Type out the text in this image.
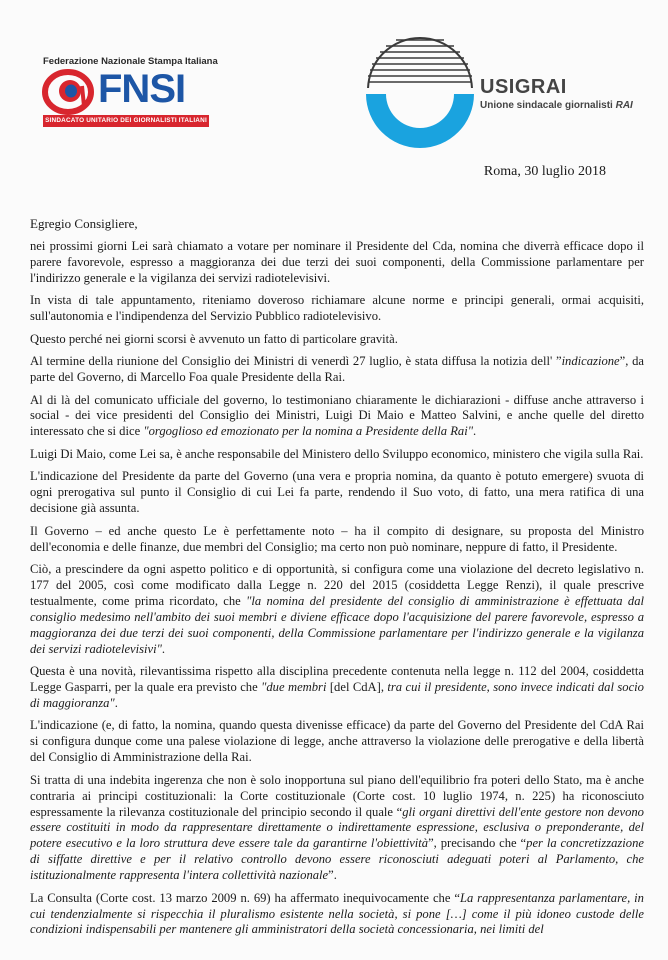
Federazione Nazionale Stampa Italiana
FNSI
SINDACATO UNITARIO DEI GIORNALISTI ITALIANI
USIGRAI
Unione sindacale giornalisti RAI
Roma, 30 luglio 2018

Egregio Consigliere,

nei prossimi giorni Lei sarà chiamato a votare per nominare il Presidente del Cda, nomina che diverrà efficace dopo il parere favorevole, espresso a maggioranza dei due terzi dei suoi componenti, della Commissione parlamentare per l'indirizzo generale e la vigilanza dei servizi radiotelevisivi.

In vista di tale appuntamento, riteniamo doveroso richiamare alcune norme e principi generali, ormai acquisiti, sull'autonomia e l'indipendenza del Servizio Pubblico radiotelevisivo.

Questo perché nei giorni scorsi è avvenuto un fatto di particolare gravità.

Al termine della riunione del Consiglio dei Ministri di venerdì 27 luglio, è stata diffusa la notizia dell' ”indicazione”, da parte del Governo, di Marcello Foa quale Presidente della Rai.

Al di là del comunicato ufficiale del governo, lo testimoniano chiaramente le dichiarazioni - diffuse anche attraverso i social - dei vice presidenti del Consiglio dei Ministri, Luigi Di Maio e Matteo Salvini, e anche quelle del diretto interessato che si dice "orgoglioso ed emozionato per la nomina a Presidente della Rai".

Luigi Di Maio, come Lei sa, è anche responsabile del Ministero dello Sviluppo economico, ministero che vigila sulla Rai.

L'indicazione del Presidente da parte del Governo (una vera e propria nomina, da quanto è potuto emergere) svuota di ogni prerogativa sul punto il Consiglio di cui Lei fa parte, rendendo il Suo voto, di fatto, una mera ratifica di una decisione già assunta.

Il Governo – ed anche questo Le è perfettamente noto – ha il compito di designare, su proposta del Ministro dell'economia e delle finanze, due membri del Consiglio; ma certo non può nominare, neppure di fatto, il Presidente.

Ciò, a prescindere da ogni aspetto politico e di opportunità, si configura come una violazione del decreto legislativo n. 177 del 2005, così come modificato dalla Legge n. 220 del 2015 (cosiddetta Legge Renzi), il quale prescrive testualmente, come prima ricordato, che "la nomina del presidente del consiglio di amministrazione è effettuata dal consiglio medesimo nell'ambito dei suoi membri e diviene efficace dopo l'acquisizione del parere favorevole, espresso a maggioranza dei due terzi dei suoi componenti, della Commissione parlamentare per l'indirizzo generale e la vigilanza dei servizi radiotelevisivi".

Questa è una novità, rilevantissima rispetto alla disciplina precedente contenuta nella legge n. 112 del 2004, cosiddetta Legge Gasparri, per la quale era previsto che "due membri [del CdA], tra cui il presidente, sono invece indicati dal socio di maggioranza".

L'indicazione (e, di fatto, la nomina, quando questa divenisse efficace) da parte del Governo del Presidente del CdA Rai si configura dunque come una palese violazione di legge, anche attraverso la violazione delle prerogative e della libertà del Consiglio di Amministrazione della Rai.

Si tratta di una indebita ingerenza che non è solo inopportuna sul piano dell'equilibrio fra poteri dello Stato, ma è anche contraria ai principi costituzionali: la Corte costituzionale (Corte cost. 10 luglio 1974, n. 225) ha riconosciuto espressamente la rilevanza costituzionale del principio secondo il quale “gli organi direttivi dell'ente gestore non devono essere costituiti in modo da rappresentare direttamente o indirettamente espressione, esclusiva o preponderante, del potere esecutivo e la loro struttura deve essere tale da garantirne l'obiettività”, precisando che “per la concretizzazione di siffatte direttive e per il relativo controllo devono essere riconosciuti adeguati poteri al Parlamento, che istituzionalmente rappresenta l'intera collettività nazionale”.

La Consulta (Corte cost. 13 marzo 2009 n. 69) ha affermato inequivocamente che “La rappresentanza parlamentare, in cui tendenzialmente si rispecchia il pluralismo esistente nella società, si pone […] come il più idoneo custode delle condizioni indispensabili per mantenere gli amministratori della società concessionaria, nei limiti del
